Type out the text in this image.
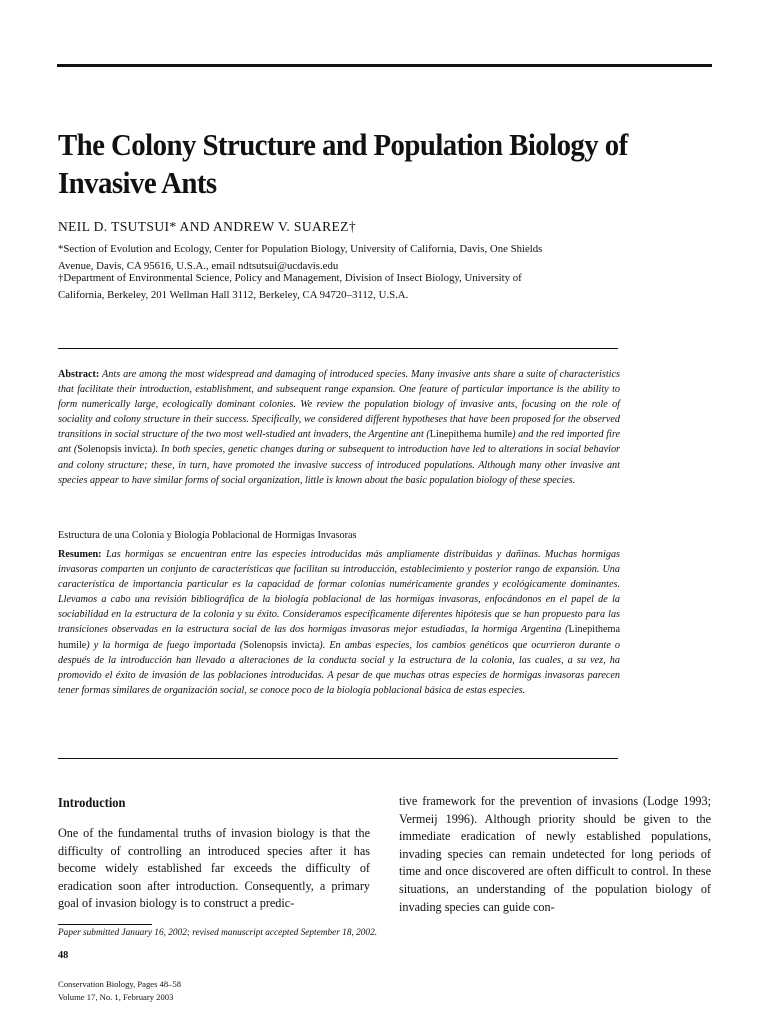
The Colony Structure and Population Biology of
Invasive Ants
NEIL D. TSUTSUI* AND ANDREW V. SUAREZ†
*Section of Evolution and Ecology, Center for Population Biology, University of California, Davis, One Shields
Avenue, Davis, CA 95616, U.S.A., email ndtsutsui@ucdavis.edu
†Department of Environmental Science, Policy and Management, Division of Insect Biology, University of
California, Berkeley, 201 Wellman Hall 3112, Berkeley, CA 94720–3112, U.S.A.
Abstract: Ants are among the most widespread and damaging of introduced species. Many invasive ants share a suite of characteristics that facilitate their introduction, establishment, and subsequent range expansion. One feature of particular importance is the ability to form numerically large, ecologically dominant colonies. We review the population biology of invasive ants, focusing on the role of sociality and colony structure in their success. Specifically, we considered different hypotheses that have been proposed for the observed transitions in social structure of the two most well-studied ant invaders, the Argentine ant (Linepithema humile) and the red imported fire ant (Solenopsis invicta). In both species, genetic changes during or subsequent to introduction have led to alterations in social behavior and colony structure; these, in turn, have promoted the invasive success of introduced populations. Although many other invasive ant species appear to have similar forms of social organization, little is known about the basic population biology of these species.
Estructura de una Colonia y Biología Poblacional de Hormigas Invasoras
Resumen: Las hormigas se encuentran entre las especies introducidas más ampliamente distribuidas y dañinas. Muchas hormigas invasoras comparten un conjunto de características que facilitan su introducción, establecimiento y posterior rango de expansión. Una característica de importancia particular es la capacidad de formar colonias numéricamente grandes y ecológicamente dominantes. Llevamos a cabo una revisión bibliográfica de la biología poblacional de las hormigas invasoras, enfocándonos en el papel de la sociabilidad en la estructura de la colonia y su éxito. Consideramos específicamente diferentes hipótesis que se han propuesto para las transiciones observadas en la estructura social de las dos hormigas invasoras mejor estudiadas, la hormiga Argentina (Linepithema humile) y la hormiga de fuego importada (Solenopsis invicta). En ambas especies, los cambios genéticos que ocurrieron durante o después de la introducción han llevado a alteraciones de la conducta social y la estructura de la colonia, las cuales, a su vez, ha promovido el éxito de invasión de las poblaciones introducidas. A pesar de que muchas otras especies de hormigas invasoras parecen tener formas similares de organización social, se conoce poco de la biología poblacional básica de estas especies.
Introduction
One of the fundamental truths of invasion biology is that the difficulty of controlling an introduced species after it has become widely established far exceeds the difficulty of eradication soon after introduction. Consequently, a primary goal of invasion biology is to construct a predic-
tive framework for the prevention of invasions (Lodge 1993; Vermeij 1996). Although priority should be given to the immediate eradication of newly established populations, invading species can remain undetected for long periods of time and once discovered are often difficult to control. In these situations, an understanding of the population biology of invading species can guide con-
Paper submitted January 16, 2002; revised manuscript accepted September 18, 2002.
48
Conservation Biology, Pages 48–58
Volume 17, No. 1, February 2003
